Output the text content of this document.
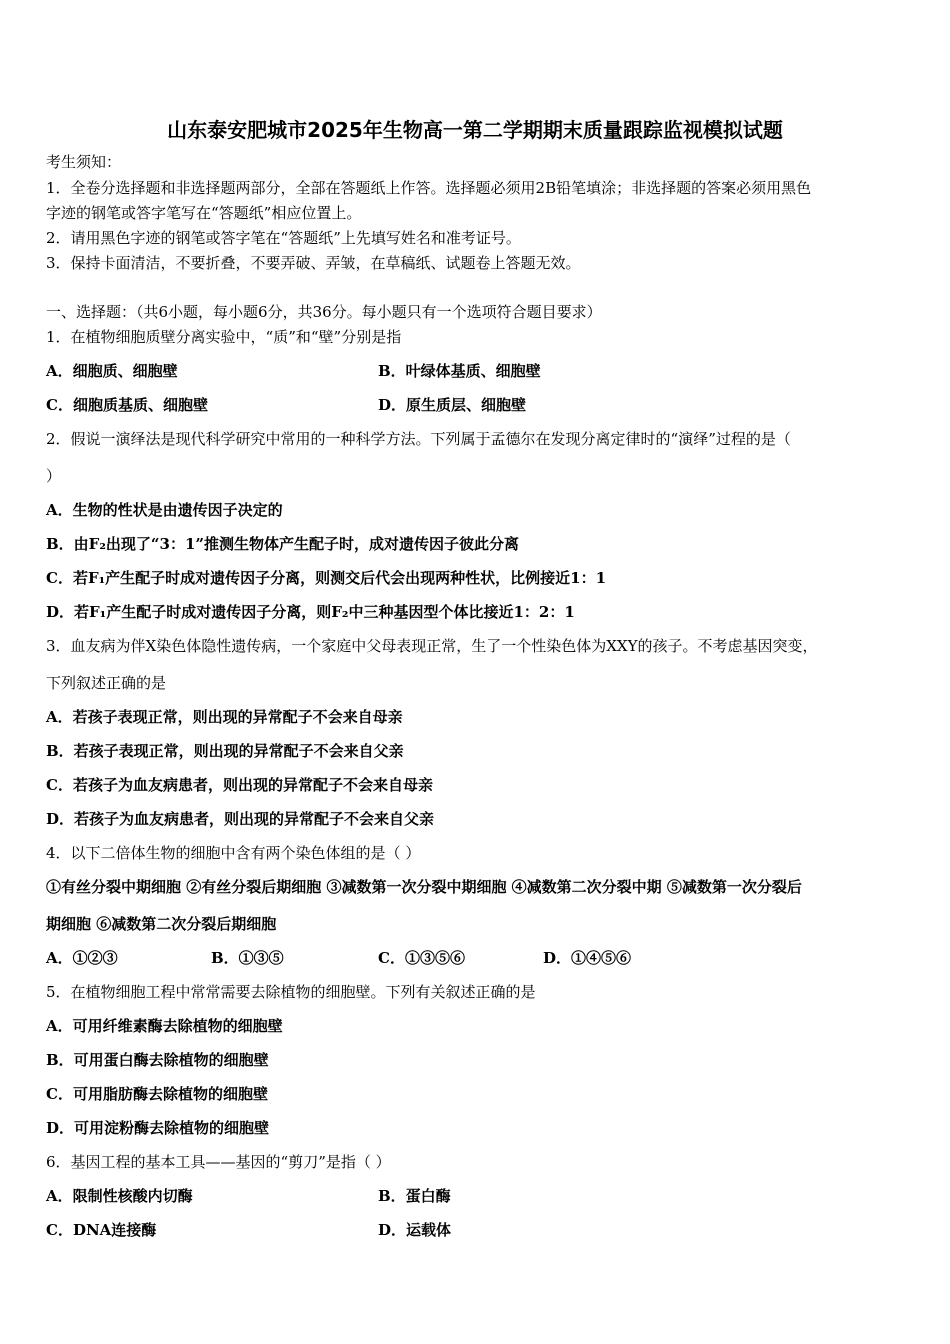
山东泰安肥城市2025年生物高一第二学期期末质量跟踪监视模拟试题
考生须知：
1．全卷分选择题和非选择题两部分，全部在答题纸上作答。选择题必须用2B铅笔填涂；非选择题的答案必须用黑色
字迹的钢笔或答字笔写在“答题纸”相应位置上。
2．请用黑色字迹的钢笔或答字笔在“答题纸”上先填写姓名和准考证号。
3．保持卡面清洁，不要折叠，不要弄破、弄皱，在草稿纸、试题卷上答题无效。
一、选择题：（共6小题，每小题6分，共36分。每小题只有一个选项符合题目要求）
1．在植物细胞质壁分离实验中，“质”和“壁”分别是指
A．细胞质、细胞壁	B．叶绿体基质、细胞壁
C．细胞质基质、细胞壁	D．原生质层、细胞壁
2．假说一演绎法是现代科学研究中常用的一种科学方法。下列属于孟德尔在发现分离定律时的“演绎”过程的是（
）
A．生物的性状是由遗传因子决定的
B．由F₂出现了“3：1”推测生物体产生配子时，成对遗传因子彼此分离
C．若F₁产生配子时成对遗传因子分离，则测交后代会出现两种性状，比例接近1：1
D．若F₁产生配子时成对遗传因子分离，则F₂中三种基因型个体比接近1：2：1
3．血友病为伴X染色体隐性遗传病，一个家庭中父母表现正常，生了一个性染色体为XXY的孩子。不考虑基因突变，
下列叙述正确的是
A．若孩子表现正常，则出现的异常配子不会来自母亲
B．若孩子表现正常，则出现的异常配子不会来自父亲
C．若孩子为血友病患者，则出现的异常配子不会来自母亲
D．若孩子为血友病患者，则出现的异常配子不会来自父亲
4．以下二倍体生物的细胞中含有两个染色体组的是（ ）
①有丝分裂中期细胞 ②有丝分裂后期细胞 ③减数第一次分裂中期细胞 ④减数第二次分裂中期 ⑤减数第一次分裂后
期细胞 ⑥减数第二次分裂后期细胞
A．①②③	B．①③⑤	C．①③⑤⑥	D．①④⑤⑥
5．在植物细胞工程中常常需要去除植物的细胞壁。下列有关叙述正确的是
A．可用纤维素酶去除植物的细胞壁
B．可用蛋白酶去除植物的细胞壁
C．可用脂肪酶去除植物的细胞壁
D．可用淀粉酶去除植物的细胞壁
6．基因工程的基本工具——基因的“剪刀”是指（ ）
A．限制性核酸内切酶	B．蛋白酶
C．DNA连接酶	D．运载体
